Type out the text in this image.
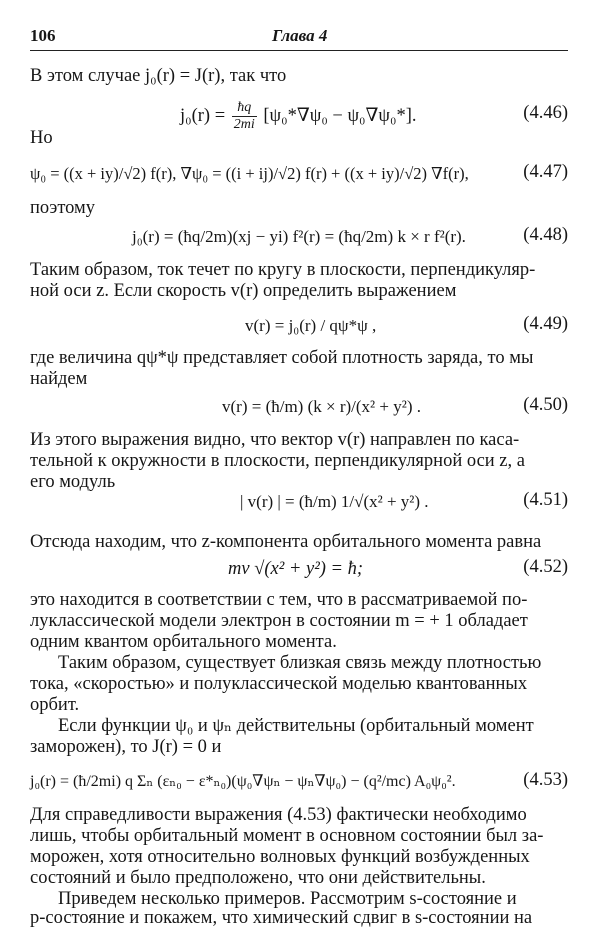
106	Глава 4
В этом случае j₀(r) = J(r), так что
$j_0(r) = \frac{ħq}{2mi} [\psi_0*\nabla\psi_0 - \psi_0\nabla\psi_0*]$.	(4.46)
Но
ψ₀ = ((x + iy)/√2) f(r), ∇ψ₀ = ((i + ij)/√2) f(r) + ((x + iy)/√2) ∇f(r),	(4.47)
поэтому
j₀(r) = (ħq/2m)(xj − yi) f²(r) = (ħq/2m) k × r f²(r).	(4.48)
Таким образом, ток течет по кругу в плоскости, перпендикуляр-
ной оси z. Если скорость v(r) определить выражением
v(r) = j₀(r) / qψ*ψ ,	(4.49)
где величина qψ*ψ представляет собой плотность заряда, то мы
найдем
v(r) = (ħ/m) (k × r)/(x² + y²) .	(4.50)
Из этого выражения видно, что вектор v(r) направлен по каса-
тельной к окружности в плоскости, перпендикулярной оси z, а
его модуль
| v(r) | = (ħ/m) 1/√(x² + y²) .	(4.51)
Отсюда находим, что z-компонента орбитального момента равна
mv √(x² + y²) = ħ;	(4.52)
это находится в соответствии с тем, что в рассматриваемой по-
луклассической модели электрон в состоянии m = + 1 обладает
одним квантом орбитального момента.
Таким образом, существует близкая связь между плотностью
тока, «скоростью» и полуклассической моделью квантованных
орбит.
Если функции ψ₀ и ψₙ действительны (орбитальный момент
заморожен), то J(r) = 0 и
j₀(r) = (ħ/2mi) q Σₙ (εₙ₀ − ε*ₙ₀)(ψ₀∇ψₙ − ψₙ∇ψ₀) − (q²/mc) A₀ψ₀².	(4.53)
Для справедливости выражения (4.53) фактически необходимо
лишь, чтобы орбитальный момент в основном состоянии был за-
морожен, хотя относительно волновых функций возбужденных
состояний и было предположено, что они действительны.
Приведем несколько примеров. Рассмотрим s-состояние и
p-состояние и покажем, что химический сдвиг в s-состоянии на
